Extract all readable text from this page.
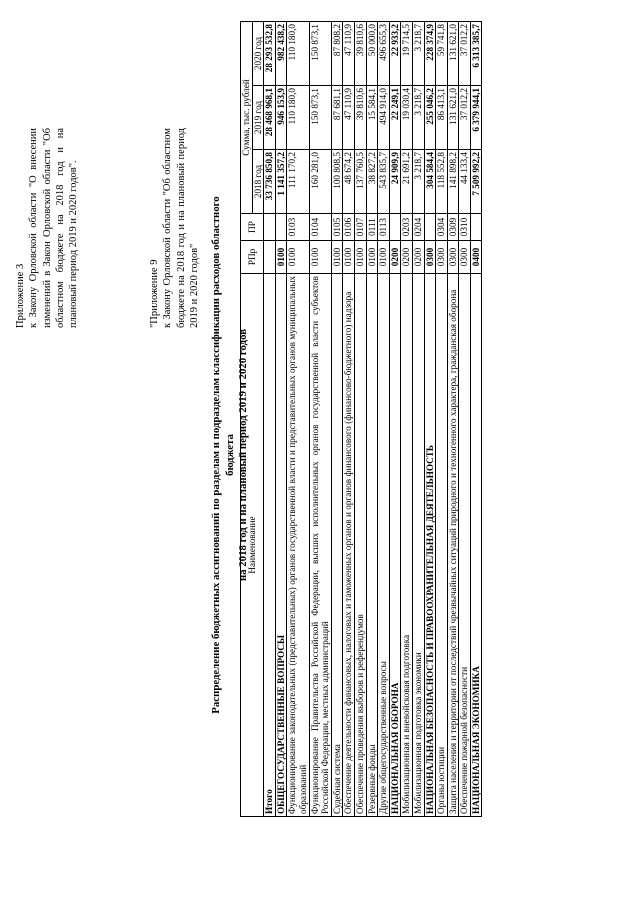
Приложение 3 к Закону Орловской области "О внесении изменений в Закон Орловской области "Об областном бюджете на 2018 год и на плановый период 2019 и 2020 годов".	"Приложение 9 к Закону Орловской области "Об областном бюджете на 2018 год и на плановый период 2019 и 2020 годов" Распределение бюджетных ассигнований по разделам и подразделам классификации расходов областного бюджета на 2018 год и на плановый период 2019 и 2020 годов

Наименование	РПр	ПР	Сумма, тыс. рублей		
			2018 год	2019 год	2020 год
Итого			33 736 850,8	28 468 968,1	28 293 532,8
ОБЩЕГОСУДАРСТВЕННЫЕ ВОПРОСЫ	0100		1 141 357,2	946 153,9	982 438,2
Функционирование законодательных (представительных) органов государственной власти и представительных органов муниципальных образований	0100	0103	111 170,2	110 180,0	110 180,0
Функционирование Правительства Российской Федерации, высших исполнительных органов государственной власти субъектов Российской Федерации, местных администраций	0100	0104	160 281,0	150 873,1	150 873,1
Судебная система	0100	0105	100 808,5	87 681,1	87 808,2
Обеспечение деятельности финансовых, налоговых и таможенных органов и органов финансового (финансово-бюджетного) надзора	0100	0106	48 674,2	47 110,9	47 110,9
Обеспечение проведения выборов и референдумов	0100	0107	137 760,5	39 810,6	39 810,6
Резервные фонды	0100	0111	38 827,2	15 584,1	50 000,0
Другие общегосударственные вопросы	0100	0113	543 835,7	494 914,0	496 655,3
НАЦИОНАЛЬНАЯ ОБОРОНА	0200		24 909,9	22 249,1	22 933,2
Мобилизационная и вневойсковая подготовка	0200	0203	21 691,2	19 030,4	19 714,5
Мобилизационная подготовка экономики	0200	0204	3 218,7	3 218,7	3 218,7
НАЦИОНАЛЬНАЯ БЕЗОПАСНОСТЬ И ПРАВООХРАНИТЕЛЬНАЯ ДЕЯТЕЛЬНОСТЬ	0300		304 584,4	255 046,2	228 374,9
Органы юстиции	0300	0304	118 552,8	86 413,1	59 741,8
Защита населения и территории от последствий чрезвычайных ситуаций природного и техногенного характера, гражданская оборона	0300	0309	141 898,2	131 621,0	131 621,0
Обеспечение пожарной безопасности	0300	0310	44 133,4	37 012,2	37 012,2
НАЦИОНАЛЬНАЯ ЭКОНОМИКА	0400		7 509 992,2	6 379 944,1	6 313 385,7
